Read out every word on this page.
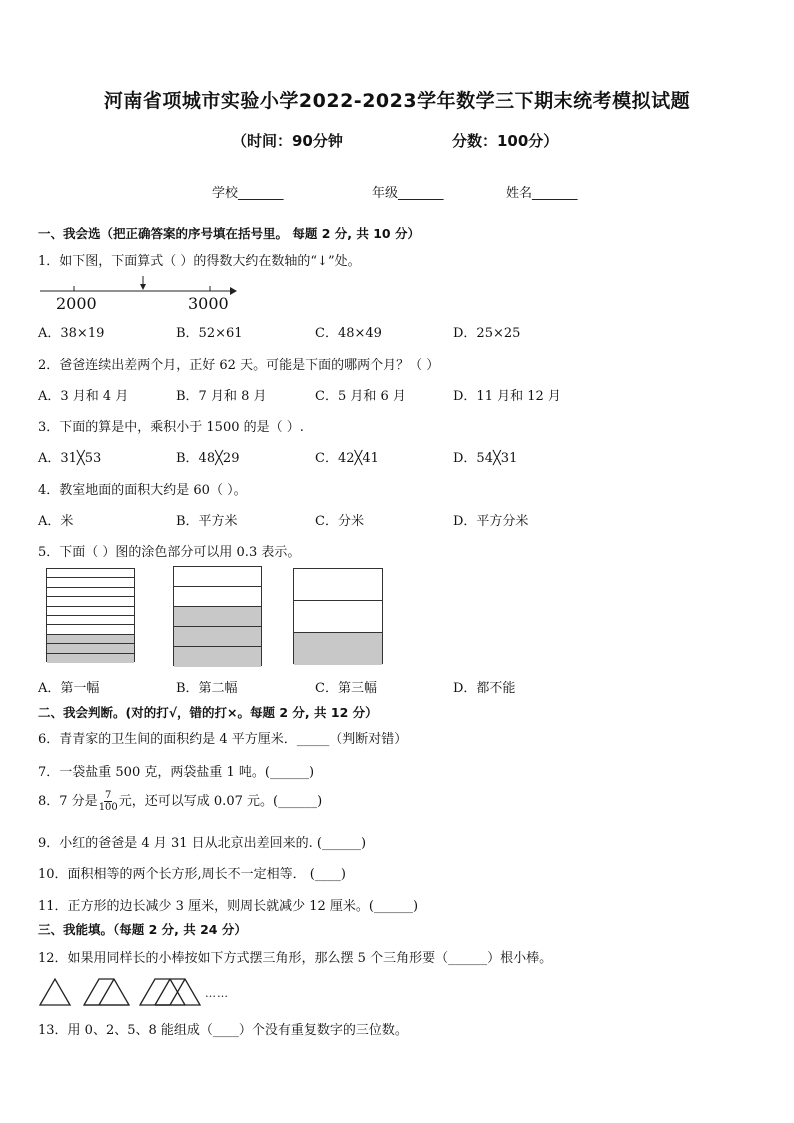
河南省项城市实验小学2022-2023学年数学三下期末统考模拟试题
（时间：90分钟	分数：100分）
学校_______	年级_______	姓名_______
一、我会选（把正确答案的序号填在括号里。 每题 2 分, 共 10 分）
1．如下图，下面算式（ ）的得数大约在数轴的“↓”处。
2000	3000
A．38×19	B．52×61	C．48×49	D．25×25
2．爸爸连续出差两个月，正好 62 天。可能是下面的哪两个月？（ ）
A．3 月和 4 月	B．7 月和 8 月	C．5 月和 6 月	D．11 月和 12 月
3．下面的算是中，乘积小于 1500 的是（ ）.
A．31╳53	B．48╳29	C．42╳41	D．54╳31
4．教室地面的面积大约是 60（ ）。
A．米	B．平方米	C．分米	D．平方分米
5．下面（ ）图的涂色部分可以用 0.3 表示。
A．第一幅	B．第二幅	C．第三幅	D．都不能
二、我会判断。(对的打√，错的打×。每题 2 分, 共 12 分）
6．青青家的卫生间的面积约是 4 平方厘米．_____（判断对错）
7．一袋盐重 500 克，两袋盐重 1 吨。(______)
8．7 分是 $\frac{7}{100}$ 元，还可以写成 0.07 元。(______)
9．小红的爸爸是 4 月 31 日从北京出差回来的. (______)
10．面积相等的两个长方形,周长不一定相等． (____)
11．正方形的边长减少 3 厘米，则周长就减少 12 厘米。(______)
三、我能填。（每题 2 分, 共 24 分）
12．如果用同样长的小棒按如下方式摆三角形，那么摆 5 个三角形要（______）根小棒。
……
13．用 0、2、5、8 能组成（____）个没有重复数字的三位数。
